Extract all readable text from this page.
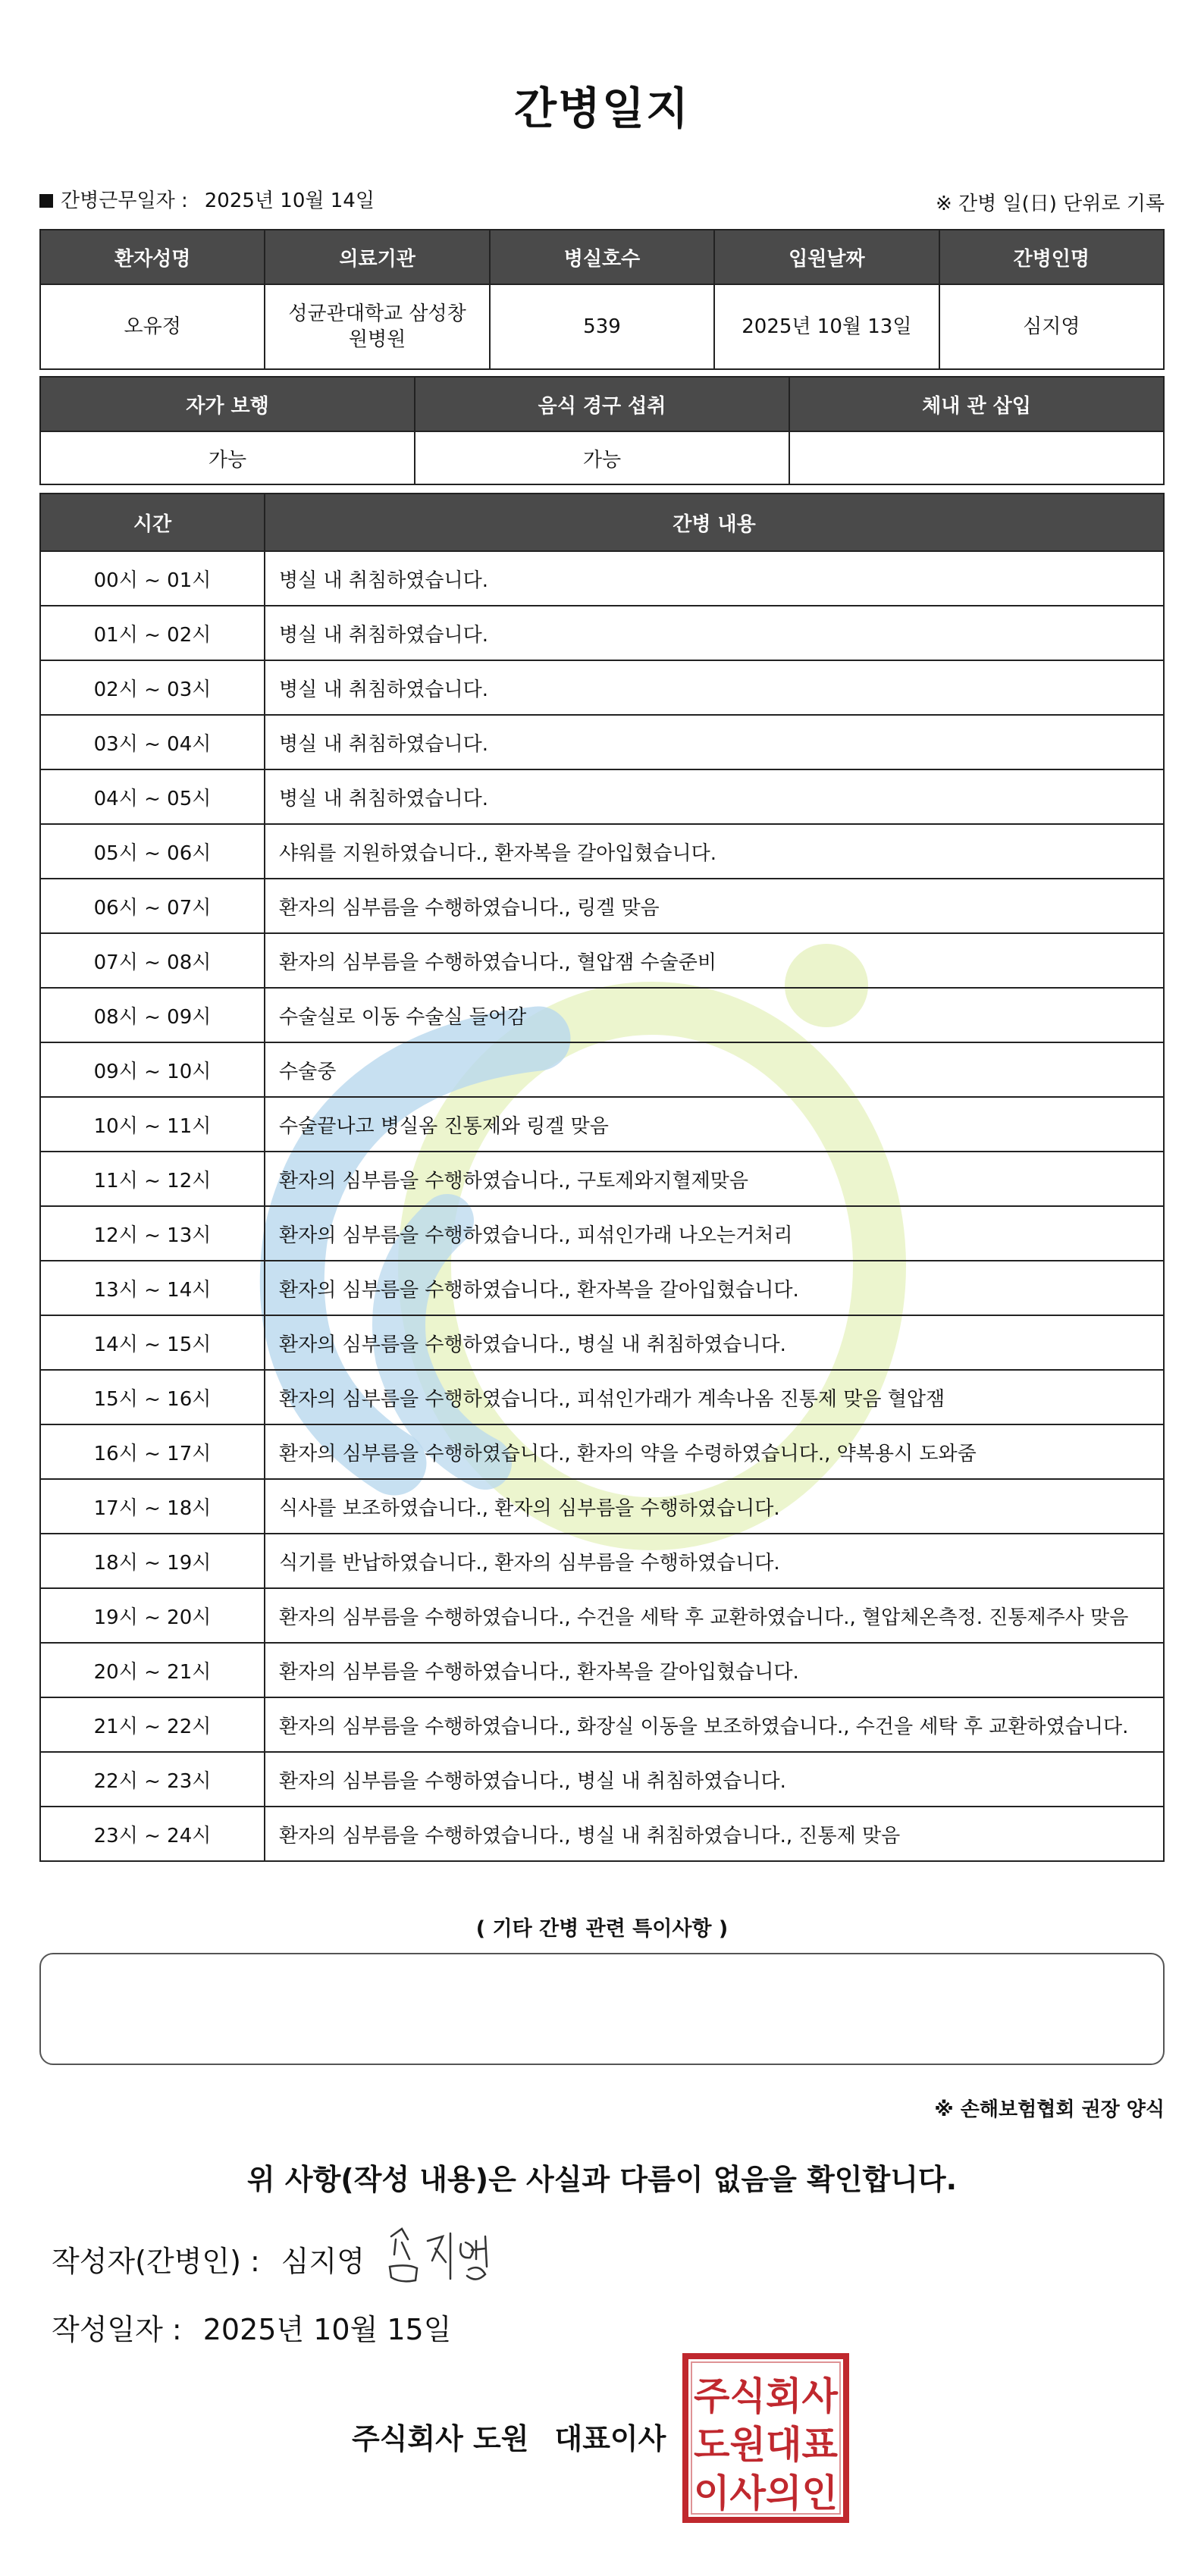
간병일지
간병근무일자 : 2025년 10월 14일	※ 간병 일(日) 단위로 기록
환자성명	의료기관	병실호수	입원날짜	간병인명
오유정	성균관대학교 삼성창원병원	539	2025년 10월 13일	심지영
자가 보행	음식 경구 섭취	체내 관 삽입
가능	가능	
시간	간병 내용
00시 ~ 01시	병실 내 취침하였습니다.
01시 ~ 02시	병실 내 취침하였습니다.
02시 ~ 03시	병실 내 취침하였습니다.
03시 ~ 04시	병실 내 취침하였습니다.
04시 ~ 05시	병실 내 취침하였습니다.
05시 ~ 06시	샤워를 지원하였습니다., 환자복을 갈아입혔습니다.
06시 ~ 07시	환자의 심부름을 수행하였습니다., 링겔 맞음
07시 ~ 08시	환자의 심부름을 수행하였습니다., 혈압잼 수술준비
08시 ~ 09시	수술실로 이동 수술실 들어감
09시 ~ 10시	수술중
10시 ~ 11시	수술끝나고 병실옴 진통제와 링겔 맞음
11시 ~ 12시	환자의 심부름을 수행하였습니다., 구토제와지혈제맞음
12시 ~ 13시	환자의 심부름을 수행하였습니다., 피섞인가래 나오는거처리
13시 ~ 14시	환자의 심부름을 수행하였습니다., 환자복을 갈아입혔습니다.
14시 ~ 15시	환자의 심부름을 수행하였습니다., 병실 내 취침하였습니다.
15시 ~ 16시	환자의 심부름을 수행하였습니다., 피섞인가래가 계속나옴 진통제 맞음 혈압잼
16시 ~ 17시	환자의 심부름을 수행하였습니다., 환자의 약을 수령하였습니다., 약복용시 도와줌
17시 ~ 18시	식사를 보조하였습니다., 환자의 심부름을 수행하였습니다.
18시 ~ 19시	식기를 반납하였습니다., 환자의 심부름을 수행하였습니다.
19시 ~ 20시	환자의 심부름을 수행하였습니다., 수건을 세탁 후 교환하였습니다., 혈압체온측정. 진통제주사 맞음
20시 ~ 21시	환자의 심부름을 수행하였습니다., 환자복을 갈아입혔습니다.
21시 ~ 22시	환자의 심부름을 수행하였습니다., 화장실 이동을 보조하였습니다., 수건을 세탁 후 교환하였습니다.
22시 ~ 23시	환자의 심부름을 수행하였습니다., 병실 내 취침하였습니다.
23시 ~ 24시	환자의 심부름을 수행하였습니다., 병실 내 취침하였습니다., 진통제 맞음
( 기타 간병 관련 특이사항 )
※ 손해보험협회 권장 양식
위 사항(작성 내용)은 사실과 다름이 없음을 확인합니다.
작성자(간병인) : 심지영
작성일자 : 2025년 10월 15일
주식회사 도원 대표이사
주식회사
도원대표
이사의인
